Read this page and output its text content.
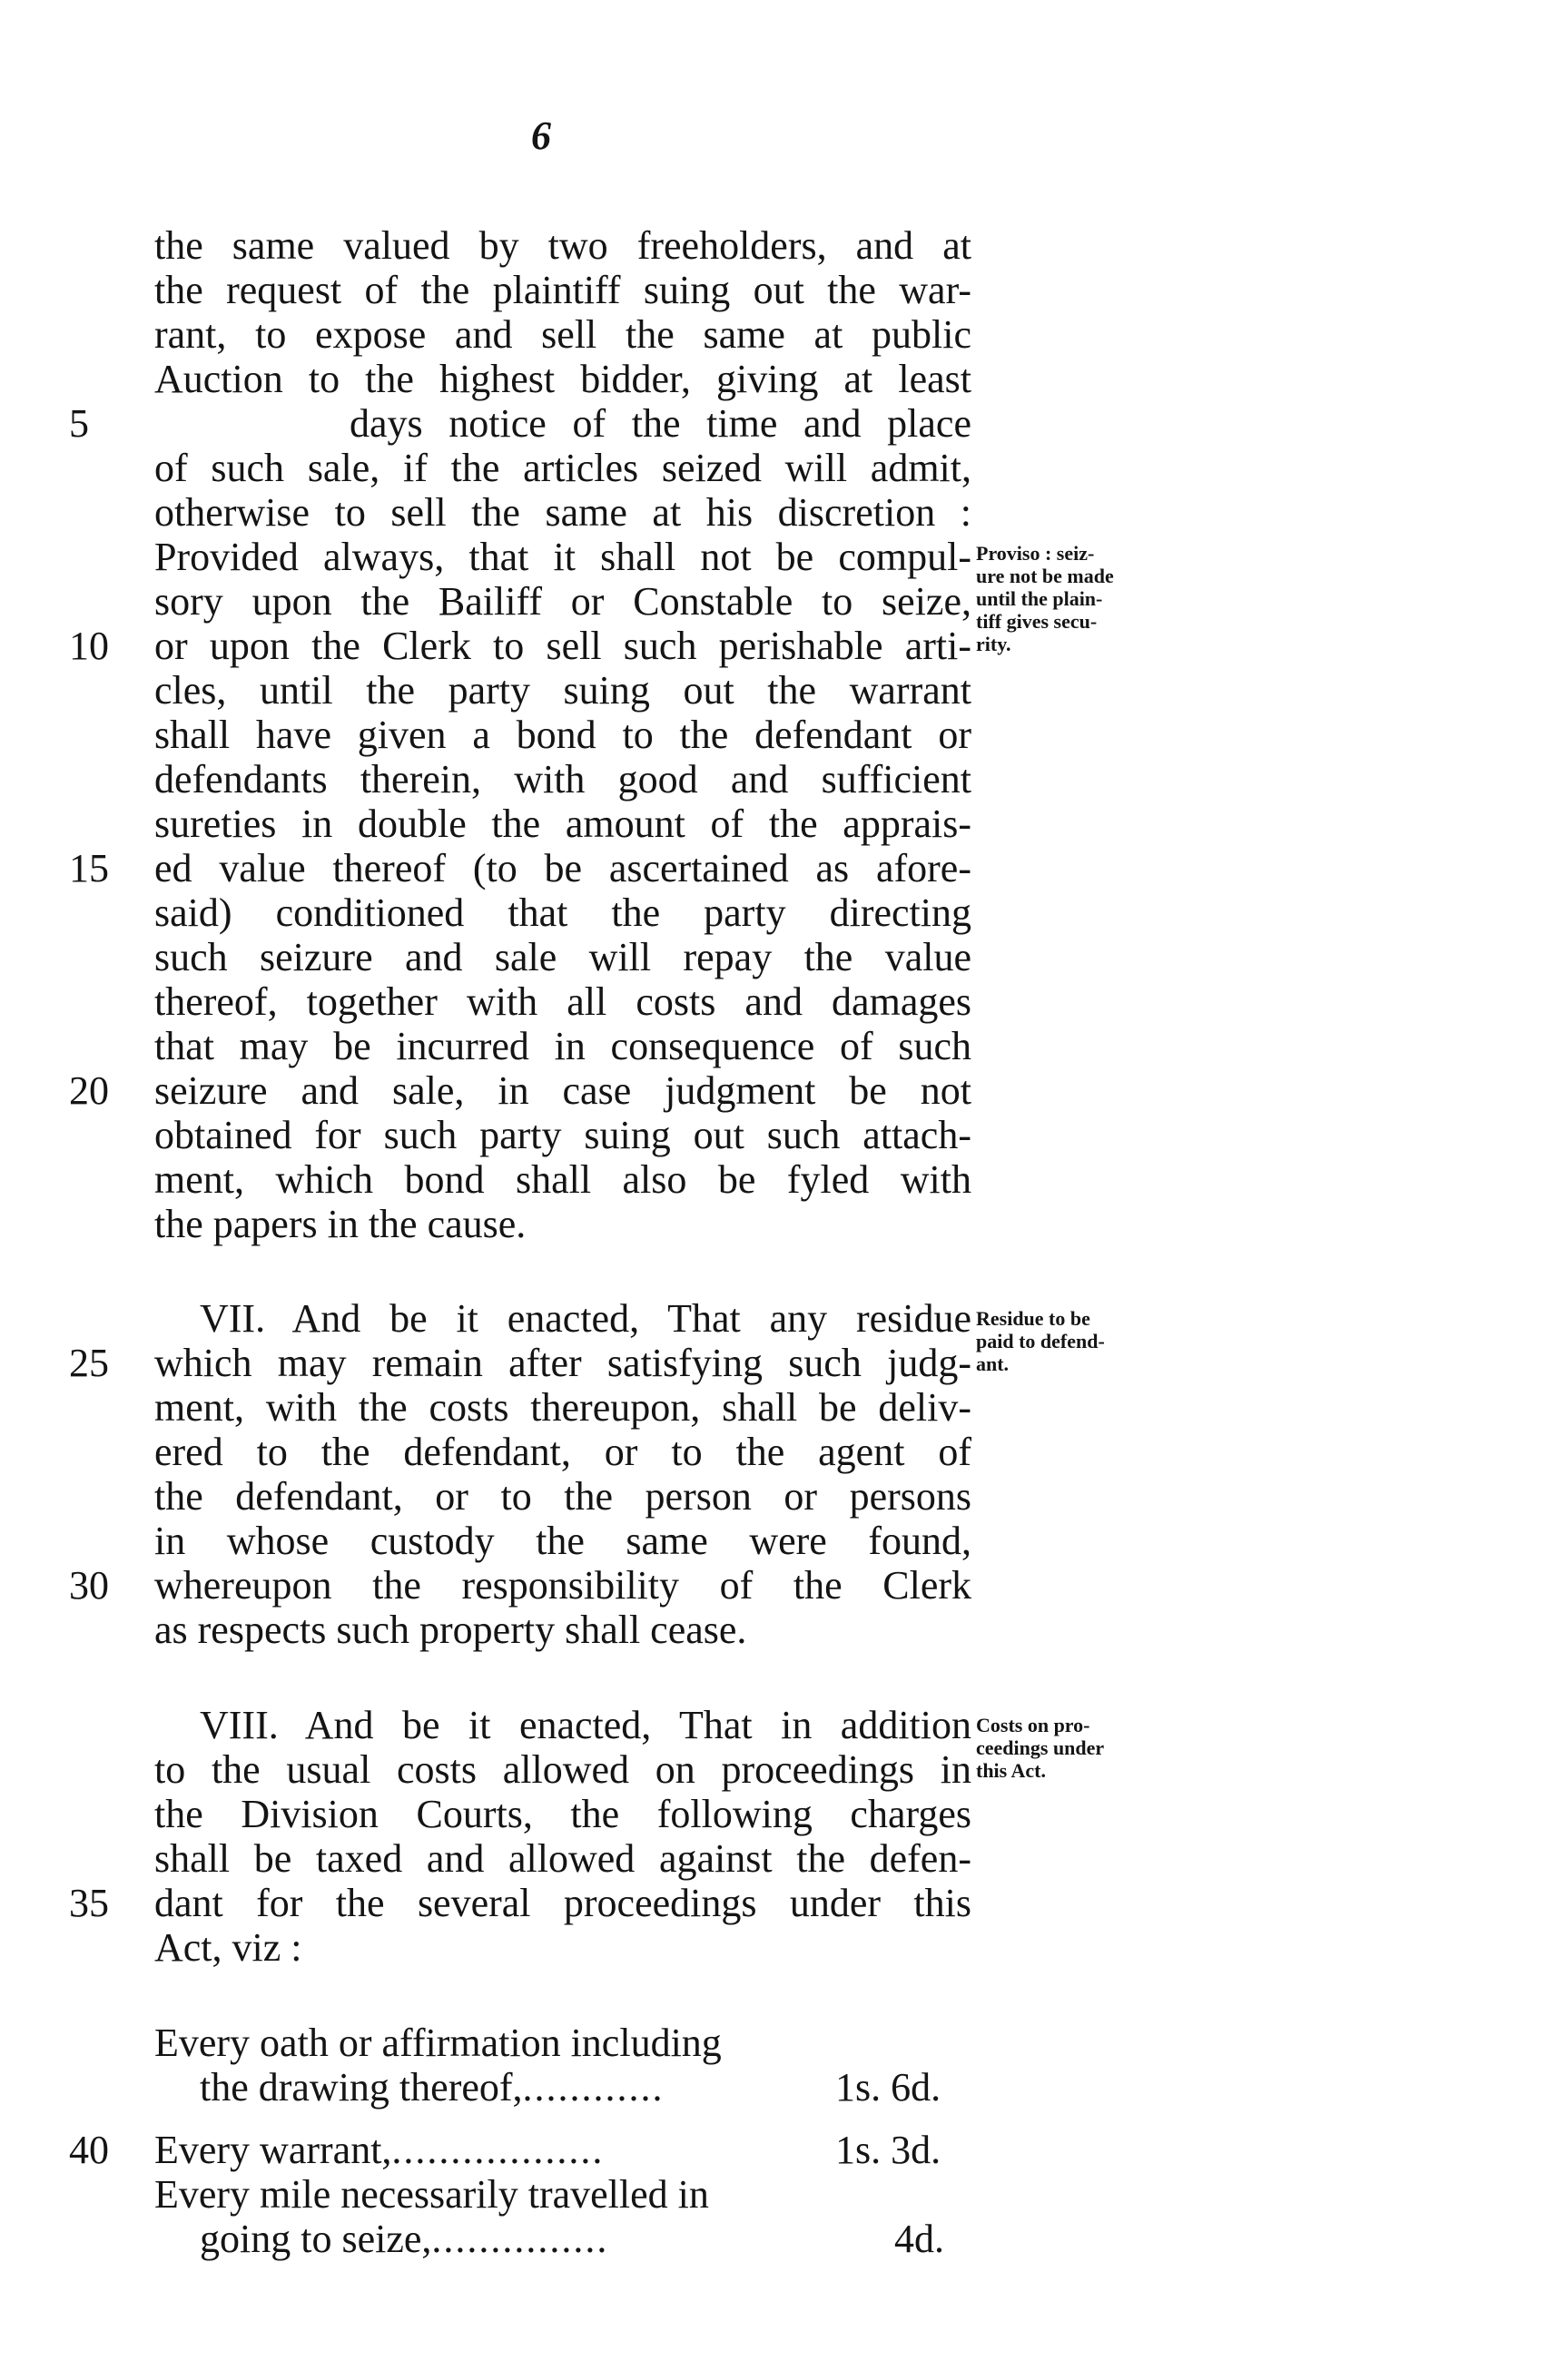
6
the same valued by two freeholders, and at
the request of the plaintiff suing out the war-
rant, to expose and sell the same at public
Auction to the highest bidder, giving at least
days notice of the time and place
of such sale, if the articles seized will admit,
otherwise to sell the same at his discretion :
Provided always, that it shall not be compul-
sory upon the Bailiff or Constable to seize,
or upon the Clerk to sell such perishable arti-
cles, until the party suing out the warrant
shall have given a bond to the defendant or
defendants therein, with good and sufficient
sureties in double the amount of the apprais-
ed value thereof (to be ascertained as afore-
said) conditioned that the party directing
such seizure and sale will repay the value
thereof, together with all costs and damages
that may be incurred in consequence of such
seizure and sale, in case judgment be not
obtained for such party suing out such attach-
ment, which bond shall also be fyled with
the papers in the cause.
VII. And be it enacted, That any residue
which may remain after satisfying such judg-
ment, with the costs thereupon, shall be deliv-
ered to the defendant, or to the agent of
the defendant, or to the person or persons
in whose custody the same were found,
whereupon the responsibility of the Clerk
as respects such property shall cease.
VIII. And be it enacted, That in addition
to the usual costs allowed on proceedings in
the Division Courts, the following charges
shall be taxed and allowed against the defen-
dant for the several proceedings under this
Act, viz :
5
10
15
20
25
30
35
40
Proviso : seiz-
ure not be made
until the plain-
tiff gives secu-
rity.
Residue to be
paid to defend-
ant.
Costs on pro-
ceedings under
this Act.
Every oath or affirmation including
the drawing thereof,............	1s. 6d.
Every warrant,..................	1s. 3d.
Every mile necessarily travelled in
going to seize,...............	4d.
